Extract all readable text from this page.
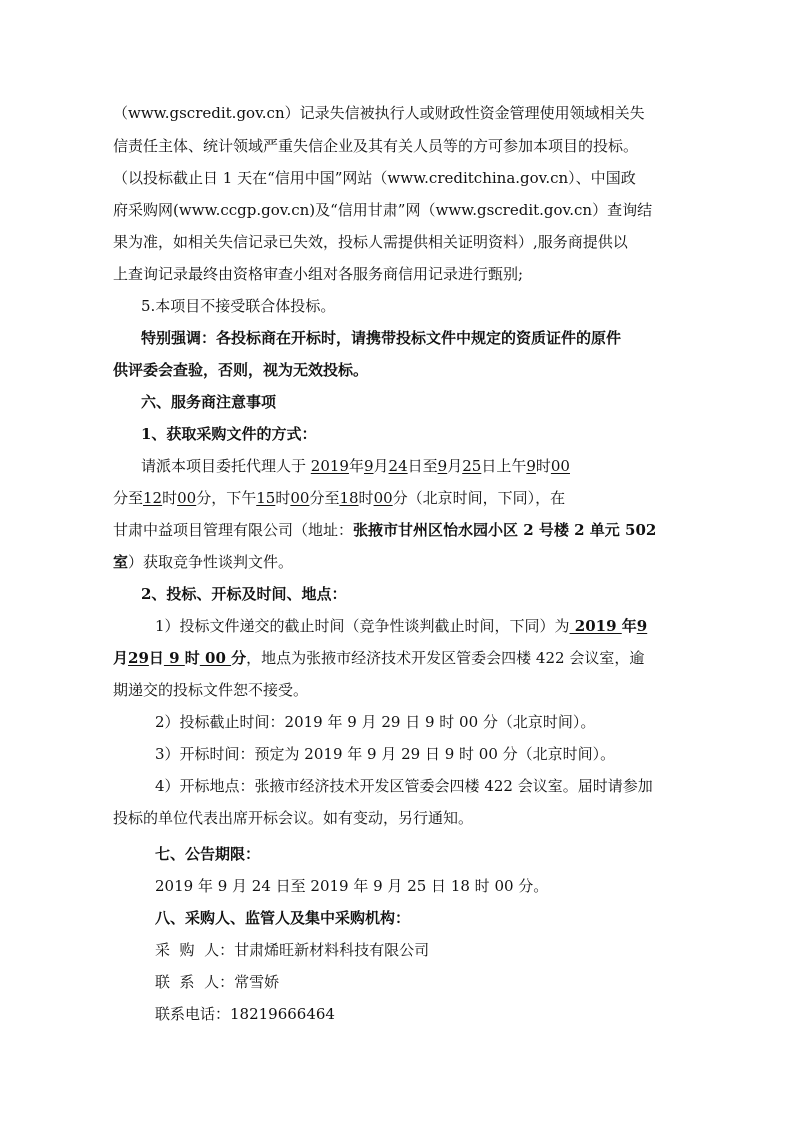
（www.gscredit.gov.cn）记录失信被执行人或财政性资金管理使用领域相关失
信责任主体、统计领域严重失信企业及其有关人员等的方可参加本项目的投标。
（以投标截止日 1 天在“信用中国”网站（www.creditchina.gov.cn）、中国政
府采购网(www.ccgp.gov.cn)及“信用甘肃”网（www.gscredit.gov.cn）查询结
果为准，如相关失信记录已失效，投标人需提供相关证明资料）,服务商提供以
上查询记录最终由资格审查小组对各服务商信用记录进行甄别;
5.本项目不接受联合体投标。
特别强调：各投标商在开标时，请携带投标文件中规定的资质证件的原件
供评委会查验，否则，视为无效投标。
六、服务商注意事项
1、获取采购文件的方式：
请派本项目委托代理人于 2019年9月24日至9月25日上午9时00
分至12时00分，下午15时00分至18时00分（北京时间，下同），在
甘肃中益项目管理有限公司（地址：张掖市甘州区怡水园小区 2 号楼 2 单元 502
室）获取竞争性谈判文件。
2、投标、开标及时间、地点：
1）投标文件递交的截止时间（竞争性谈判截止时间，下同）为 2019 年9
月29日 9 时 00 分，地点为张掖市经济技术开发区管委会四楼 422 会议室，逾
期递交的投标文件恕不接受。
2）投标截止时间：2019 年 9 月 29 日 9 时 00 分（北京时间）。
3）开标时间：预定为 2019 年 9 月 29 日 9 时 00 分（北京时间）。
4）开标地点：张掖市经济技术开发区管委会四楼 422 会议室。届时请参加
投标的单位代表出席开标会议。如有变动，另行通知。
七、公告期限：
2019 年 9 月 24 日至 2019 年 9 月 25 日 18 时 00 分。
八、采购人、监管人及集中采购机构：
采  购  人：甘肃烯旺新材料科技有限公司
联  系  人：常雪娇
联系电话：18219666464
